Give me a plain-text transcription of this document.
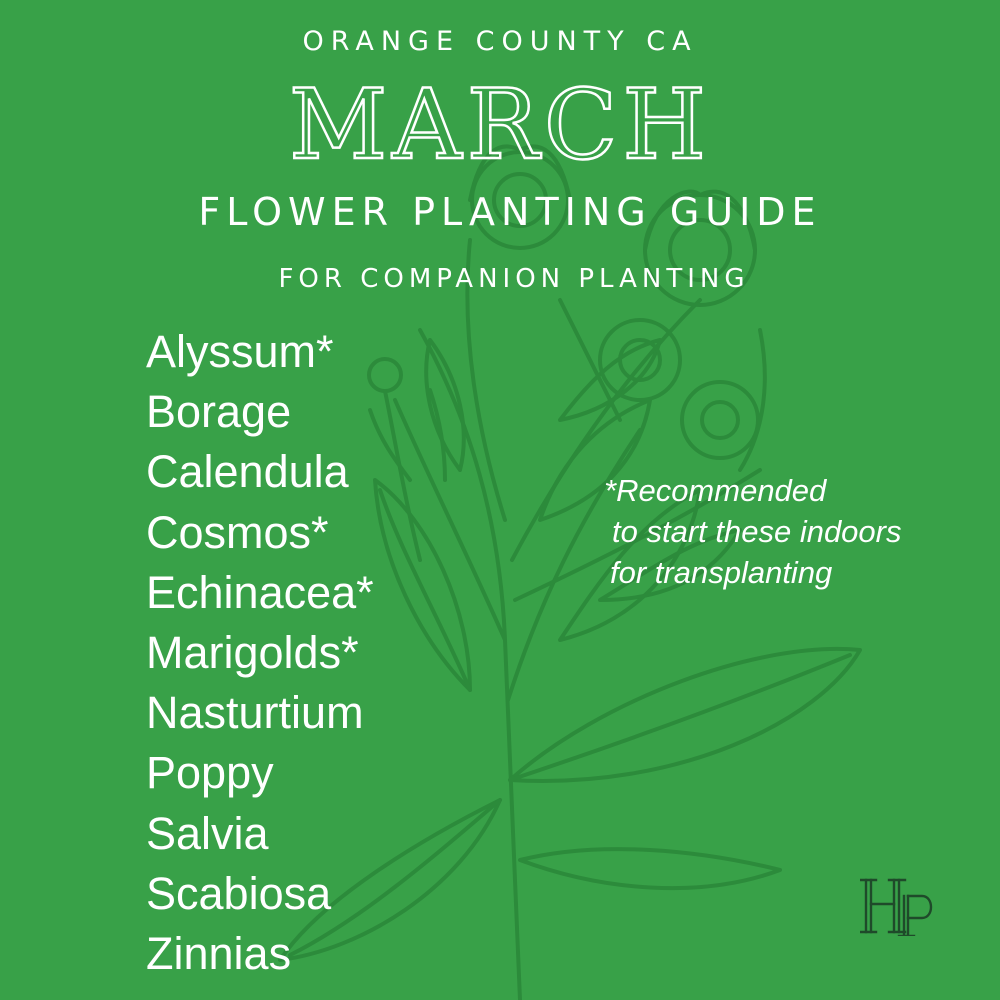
ORANGE COUNTY CA
MARCH
FLOWER PLANTING GUIDE
FOR COMPANION PLANTING
Alyssum*
Borage
Calendula
Cosmos*
Echinacea*
Marigolds*
Nasturtium
Poppy
Salvia
Scabiosa
Zinnias
*Recommended
to start these indoors
for transplanting
